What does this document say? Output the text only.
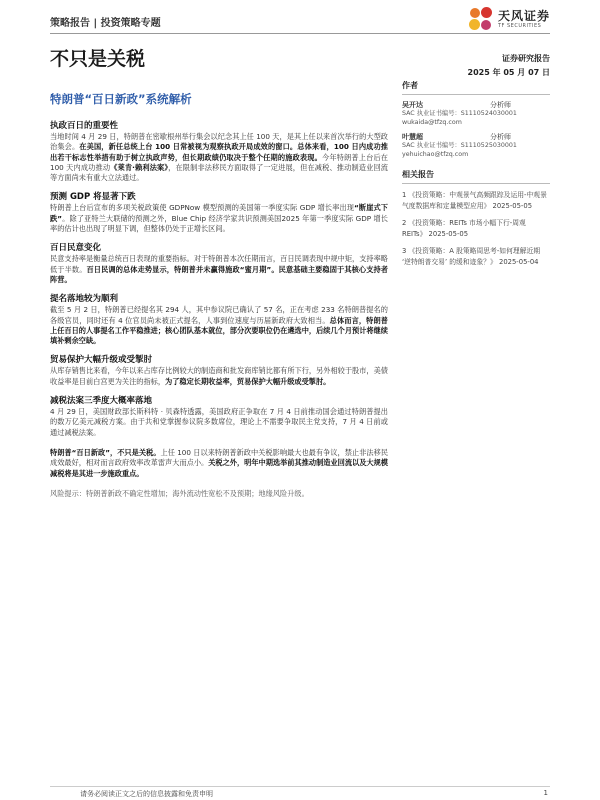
策略报告 | 投资策略专题
天风证券
TF SECURITIES
不只是关税	证券研究报告
2025 年 05 月 07 日
特朗普“百日新政”系统解析
执政百日的重要性
当地时间 4 月 29 日，特朗普在密歇根州举行集会以纪念其上任 100 天，是其上任以来首次举行的大型政治集会。在美国，新任总统上台 100 日常被视为观察执政开局成效的窗口。总体来看，100 日内成功推出若干标志性举措有助于树立执政声势，但长期政绩仍取决于整个任期的施政表现。今年特朗普上台后在 100 天内成功推动《莱肯·赖利法案》，在限制非法移民方面取得了一定进展，但在减税、推动制造业回流等方面尚未有重大立法通过。
预测 GDP 将显著下跌
特朗普上台后宣布的多项关税政策使 GDPNow 模型预测的美国第一季度实际 GDP 增长率出现“断崖式下跌”。除了亚特兰大联储的预测之外，Blue Chip 经济学家共识预测美国2025 年第一季度实际 GDP 增长率的估计也出现了明显下调，但整体仍处于正增长区间。
百日民意变化
民意支持率是衡量总统百日表现的重要指标。对于特朗普本次任期而言，百日民调表现中规中矩，支持率略低于半数。百日民调的总体走势显示，特朗普并未赢得施政“蜜月期”。民意基础主要稳固于其核心支持者阵营。
提名落地较为顺利
截至 5 月 2 日，特朗普已经提名其 294 人，其中参议院已确认了 57 名，正在考虑 233 名特朗普提名的各级官员，同时还有 4 位官员尚未被正式提名，人事到位速度与历届新政府大致相当。总体而言，特朗普上任百日的人事提名工作平稳推进；核心团队基本就位，部分次要职位仍在遴选中，后续几个月预计将继续填补剩余空缺。
贸易保护大幅升级或受掣肘
从库存销售比来看，今年以来占库存比例较大的制造商和批发商库销比都有所下行，另外相较于股市，美债收益率是目前白宫更为关注的指标，为了稳定长期收益率，贸易保护大幅升级或受掣肘。
减税法案三季度大概率落地
4 月 29 日，美国财政部长斯科特 · 贝森特透露，美国政府正争取在 7 月 4 日前推动国会通过特朗普提出的数万亿美元减税方案。由于共和党掌握参议院多数席位，理论上不需要争取民主党支持，7 月 4 日前或通过减税法案。
特朗普“百日新政”，不只是关税。上任 100 日以来特朗普新政中关税影响最大也最有争议，禁止非法移民成效最好，相对而言政府效率改革雷声大而点小。关税之外，明年中期选举前其推动制造业回流以及大规模减税将是其进一步施政重点。
风险提示：特朗普新政不确定性增加；海外流动性宽松不及预期；地缘风险升级。
作者
吴开达	分析师
SAC 执业证书编号：S1110524030001
wukaida@tfzq.com
叶慧超	分析师
SAC 执业证书编号：S1110525030001
yehuichao@tfzq.com
相关报告
1 《投资策略：中观景气高频跟踪及运用-中观景气度数据库和定量模型应用》 2025-05-05
2 《投资策略：REITs 市场小幅下行-周观 REITs》 2025-05-05
3 《投资策略：A 股策略周思考-如何理解近期 ‘逆特朗普交易’ 的缓和迹象？》 2025-05-04
请务必阅读正文之后的信息披露和免责申明	1
